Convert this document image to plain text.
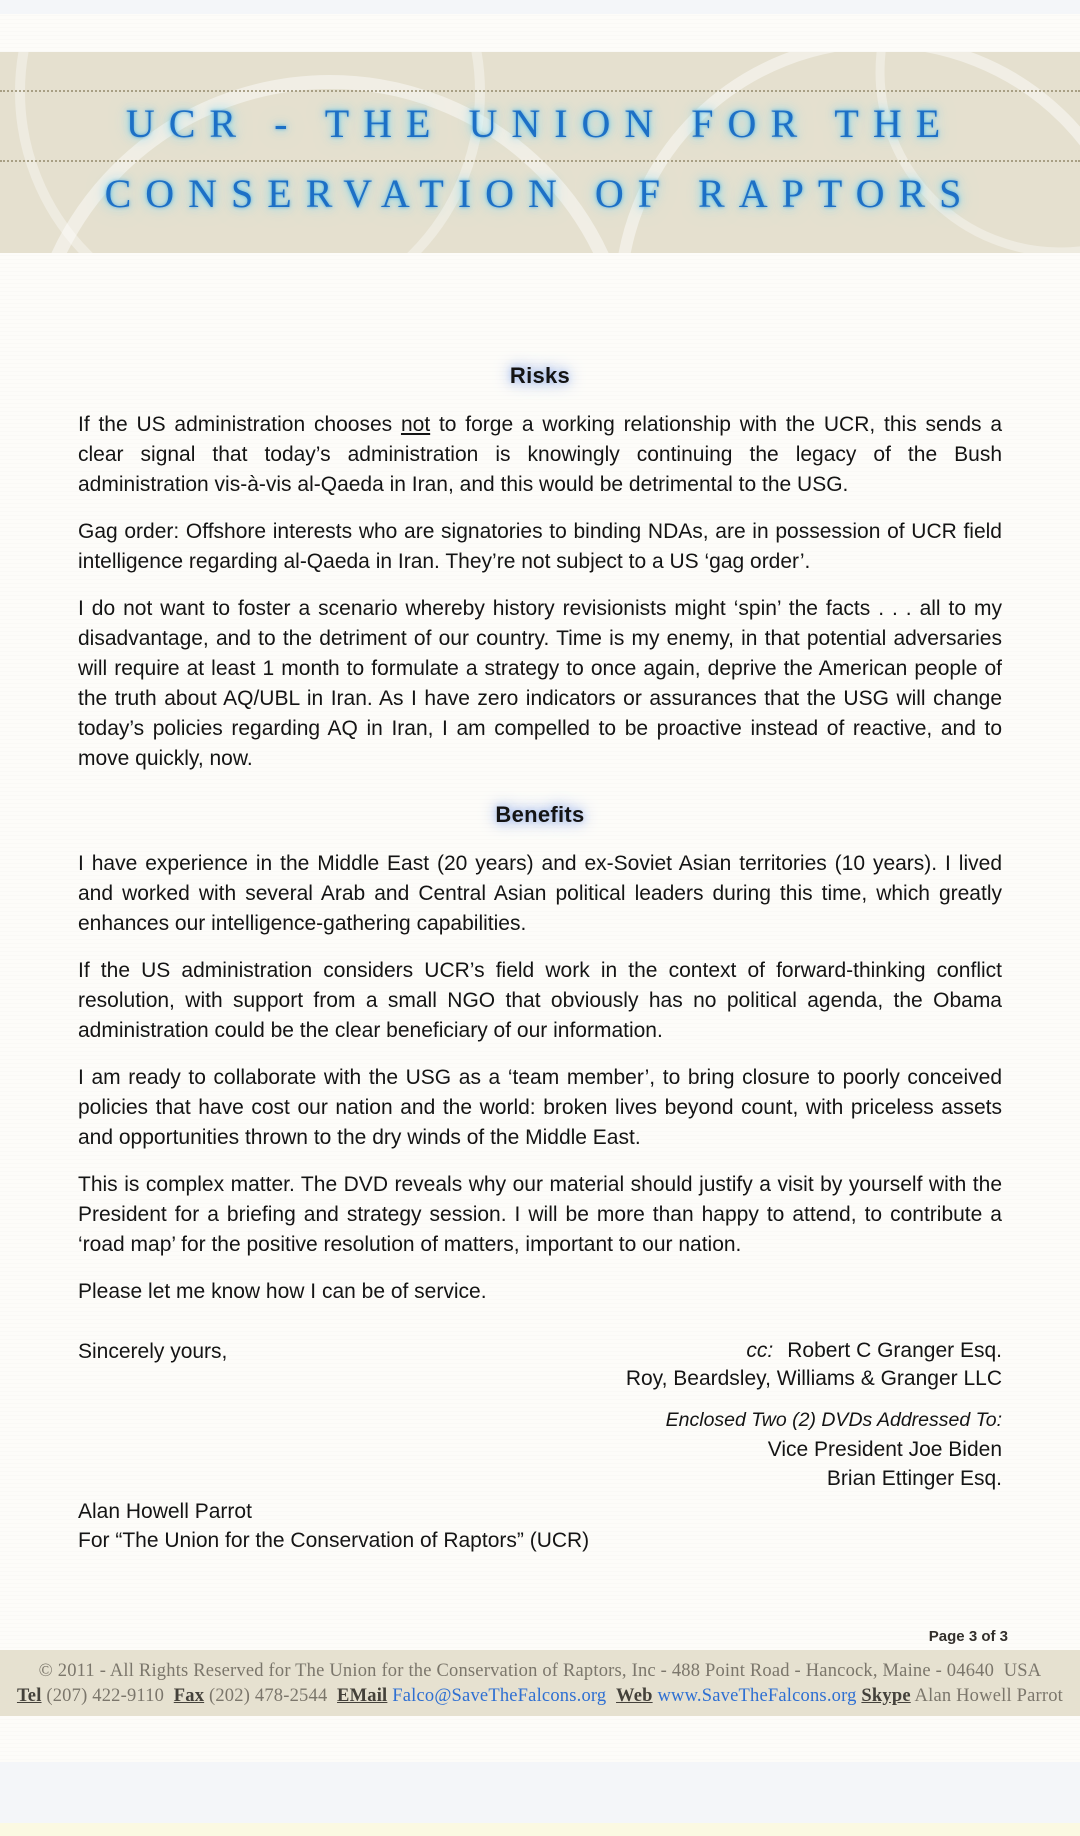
UCR - THE UNION FOR THE
CONSERVATION OF RAPTORS
Risks

If the US administration chooses not to forge a working relationship with the UCR, this sends a clear signal that today’s administration is knowingly continuing the legacy of the Bush administration vis-à-vis al-Qaeda in Iran, and this would be detrimental to the USG.

Gag order: Offshore interests who are signatories to binding NDAs, are in possession of UCR field intelligence regarding al-Qaeda in Iran. They’re not subject to a US ‘gag order’.

I do not want to foster a scenario whereby history revisionists might ‘spin’ the facts . . . all to my disadvantage, and to the detriment of our country. Time is my enemy, in that potential adversaries will require at least 1 month to formulate a strategy to once again, deprive the American people of the truth about AQ/UBL in Iran. As I have zero indicators or assurances that the USG will change today’s policies regarding AQ in Iran, I am compelled to be proactive instead of reactive, and to move quickly, now.

Benefits

I have experience in the Middle East (20 years) and ex-Soviet Asian territories (10 years). I lived and worked with several Arab and Central Asian political leaders during this time, which greatly enhances our intelligence-gathering capabilities.

If the US administration considers UCR’s field work in the context of forward-thinking conflict resolution, with support from a small NGO that obviously has no political agenda, the Obama administration could be the clear beneficiary of our information.

I am ready to collaborate with the USG as a ‘team member’, to bring closure to poorly conceived policies that have cost our nation and the world: broken lives beyond count, with priceless assets and opportunities thrown to the dry winds of the Middle East.

This is complex matter. The DVD reveals why our material should justify a visit by yourself with the President for a briefing and strategy session. I will be more than happy to attend, to contribute a ‘road map’ for the positive resolution of matters, important to our nation.

Please let me know how I can be of service.

Sincerely yours,	cc: Robert C Granger Esq.
Roy, Beardsley, Williams & Granger LLC
Enclosed Two (2) DVDs Addressed To:
Vice President Joe Biden
Brian Ettinger Esq.
Alan Howell Parrot
For “The Union for the Conservation of Raptors” (UCR)
Page 3 of 3
© 2011 - All Rights Reserved for The Union for the Conservation of Raptors, Inc - 488 Point Road - Hancock, Maine - 04640  USA
Tel (207) 422-9110  Fax (202) 478-2544  EMail Falco@SaveTheFalcons.org  Web www.SaveTheFalcons.org Skype Alan Howell Parrot
